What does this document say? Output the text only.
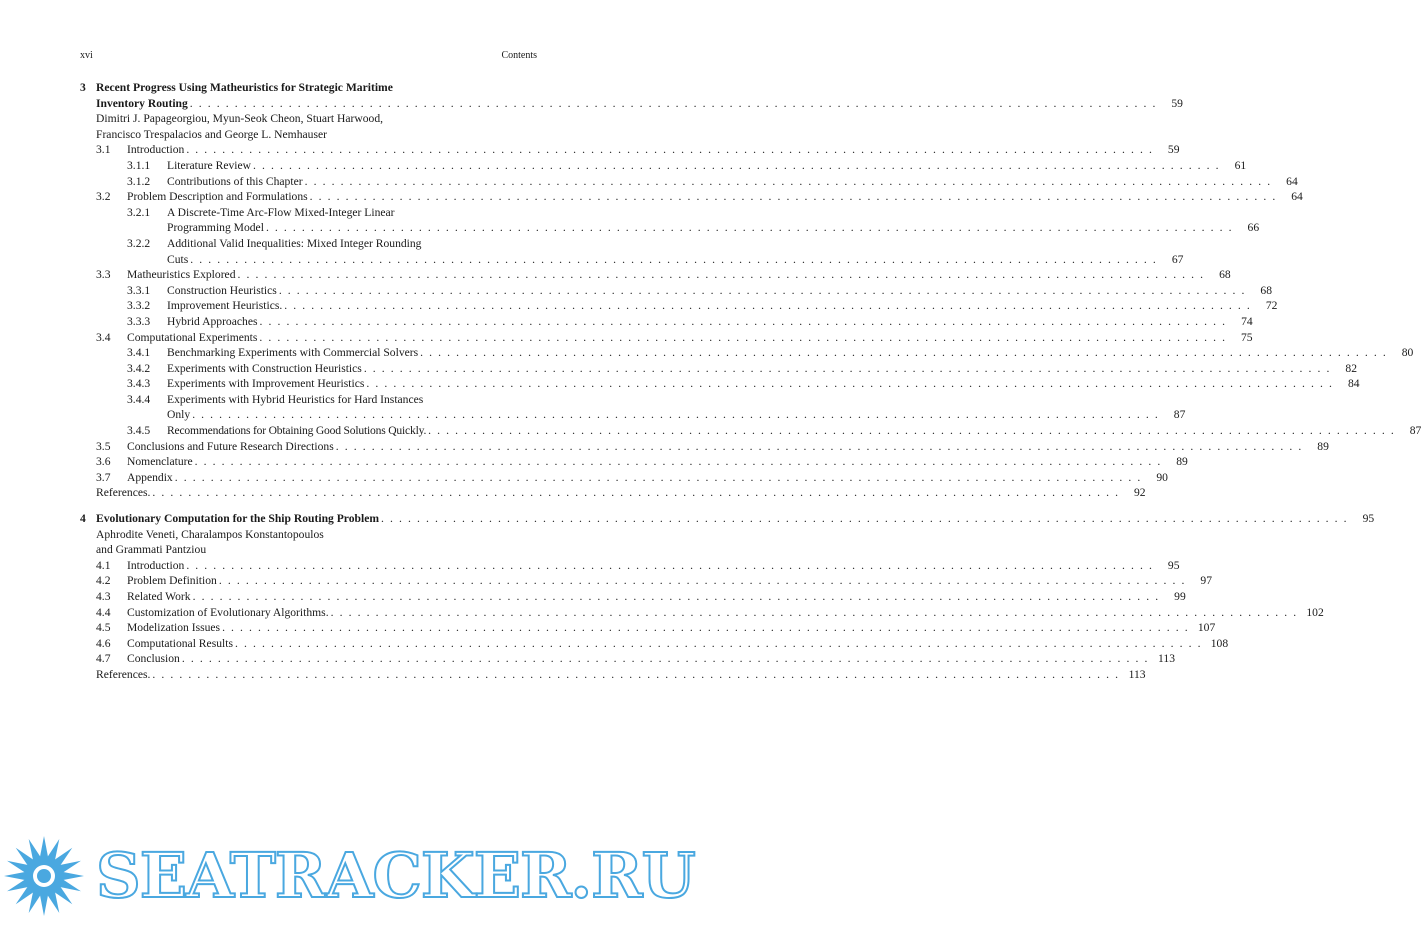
xvi	Contents
3 Recent Progress Using Matheuristics for Strategic Maritime
Inventory Routing . . .	59
Dimitri J. Papageorgiou, Myun-Seok Cheon, Stuart Harwood,
Francisco Trespalacios and George L. Nemhauser
3.1	Introduction . . .	59
3.1.1	Literature Review . . .	61
3.1.2	Contributions of this Chapter . . .	64
3.2	Problem Description and Formulations . . .	64
3.2.1	A Discrete-Time Arc-Flow Mixed-Integer Linear
Programming Model . . .	66
3.2.2	Additional Valid Inequalities: Mixed Integer Rounding
Cuts . . .	67
3.3	Matheuristics Explored . . .	68
3.3.1	Construction Heuristics . . .	68
3.3.2	Improvement Heuristics. . . .	72
3.3.3	Hybrid Approaches . . .	74
3.4	Computational Experiments . . .	75
3.4.1	Benchmarking Experiments with Commercial Solvers . . .	80
3.4.2	Experiments with Construction Heuristics . . .	82
3.4.3	Experiments with Improvement Heuristics . . .	84
3.4.4	Experiments with Hybrid Heuristics for Hard Instances
Only . . .	87
3.4.5	Recommendations for Obtaining Good Solutions Quickly. . . .	87
3.5	Conclusions and Future Research Directions . . .	89
3.6	Nomenclature . . .	89
3.7	Appendix . . .	90
References. . . .	92
4 Evolutionary Computation for the Ship Routing Problem . . .	95
Aphrodite Veneti, Charalampos Konstantopoulos
and Grammati Pantziou
4.1	Introduction . . .	95
4.2	Problem Definition . . .	97
4.3	Related Work . . .	99
4.4	Customization of Evolutionary Algorithms. . . .	102
4.5	Modelization Issues . . .	107
4.6	Computational Results . . .	108
4.7	Conclusion . . .	113
References. . . .	113
SEATRACKER.RU
